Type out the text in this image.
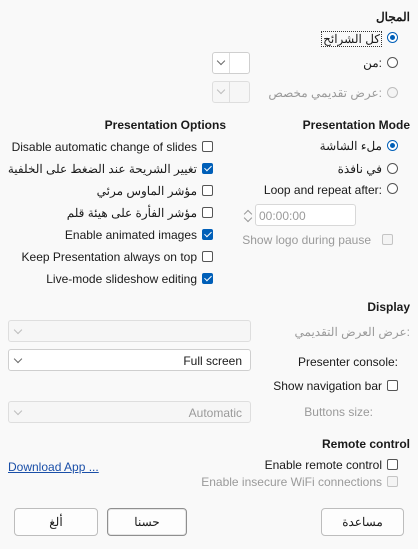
المجال
كل الشرائح
من:
عرض تقديمي مخصص:
Presentation Mode
ملء الشاشة
في نافذة
Loop and repeat after:
00:00:00
Show logo during pause
Presentation Options
Disable automatic change of slides
تغيير الشريحة عند الضغط على الخلفية
مؤشر الماوس مرئي
مؤشر الفأرة على هيئة قلم
Enable animated images
Keep Presentation always on top
Live-mode slideshow editing
Display
عرض العرض التقديمي:
Presenter console:
Full screen
Show navigation bar
Buttons size:
Automatic
Remote control
Download App ...	Enable remote control
Enable insecure WiFi connections
ألغ	حسنا	مساعدة
